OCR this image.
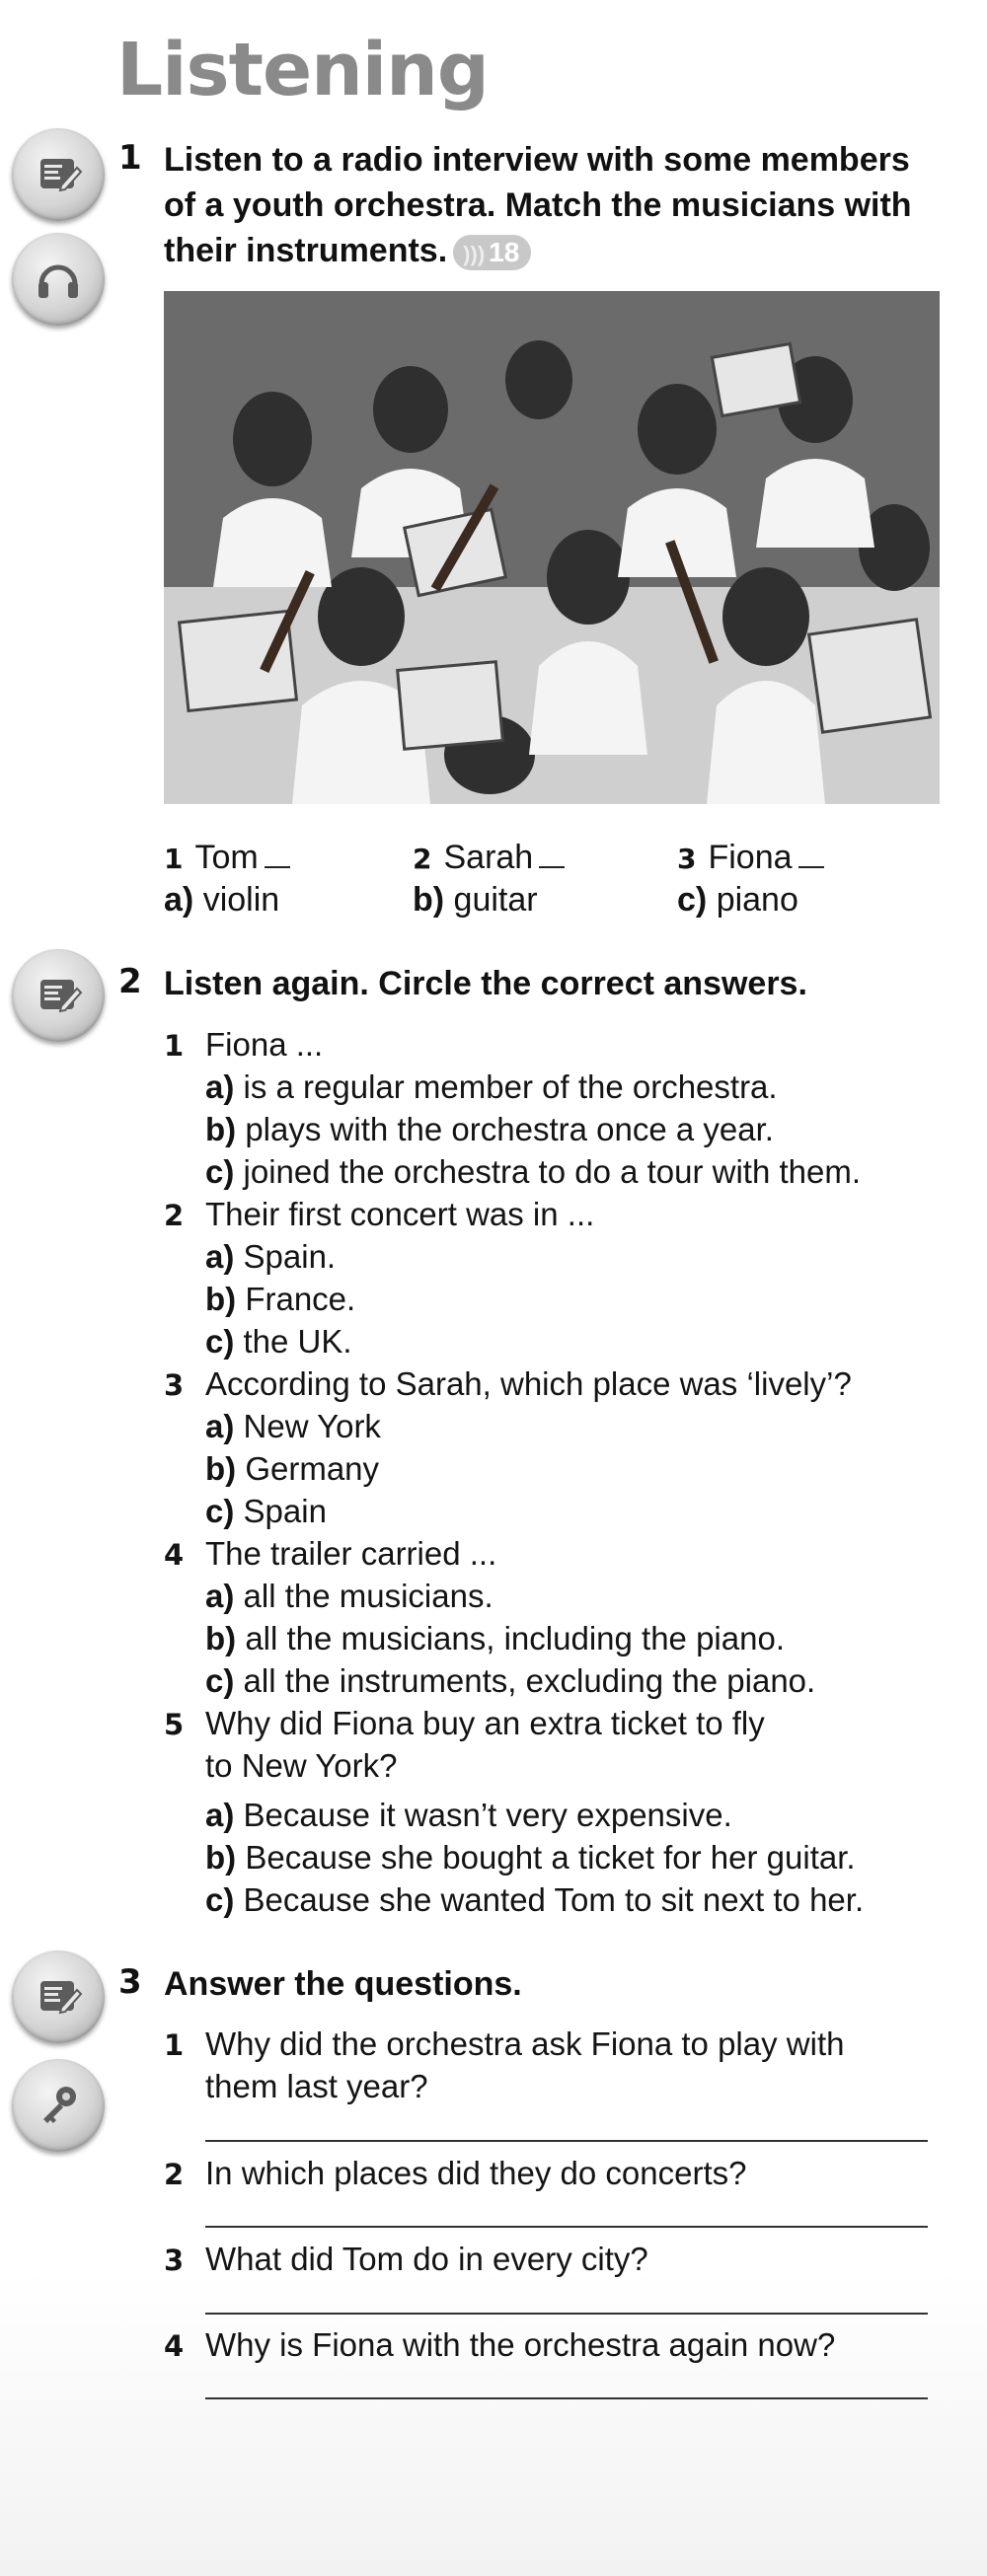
Listening
1 Listen to a radio interview with some members
of a youth orchestra. Match the musicians with
their instruments. ))) 18
1 Tom	2 Sarah	3 Fiona
a) violin	b) guitar	c) piano
2 Listen again. Circle the correct answers.
1 Fiona ...
a) is a regular member of the orchestra.
b) plays with the orchestra once a year.
c) joined the orchestra to do a tour with them.
2 Their first concert was in ...
a) Spain.
b) France.
c) the UK.
3 According to Sarah, which place was ‘lively’?
a) New York
b) Germany
c) Spain
4 The trailer carried ...
a) all the musicians.
b) all the musicians, including the piano.
c) all the instruments, excluding the piano.
5 Why did Fiona buy an extra ticket to fly
to New York?
a) Because it wasn’t very expensive.
b) Because she bought a ticket for her guitar.
c) Because she wanted Tom to sit next to her.
3 Answer the questions.
1 Why did the orchestra ask Fiona to play with
them last year?
2 In which places did they do concerts?
3 What did Tom do in every city?
4 Why is Fiona with the orchestra again now?
